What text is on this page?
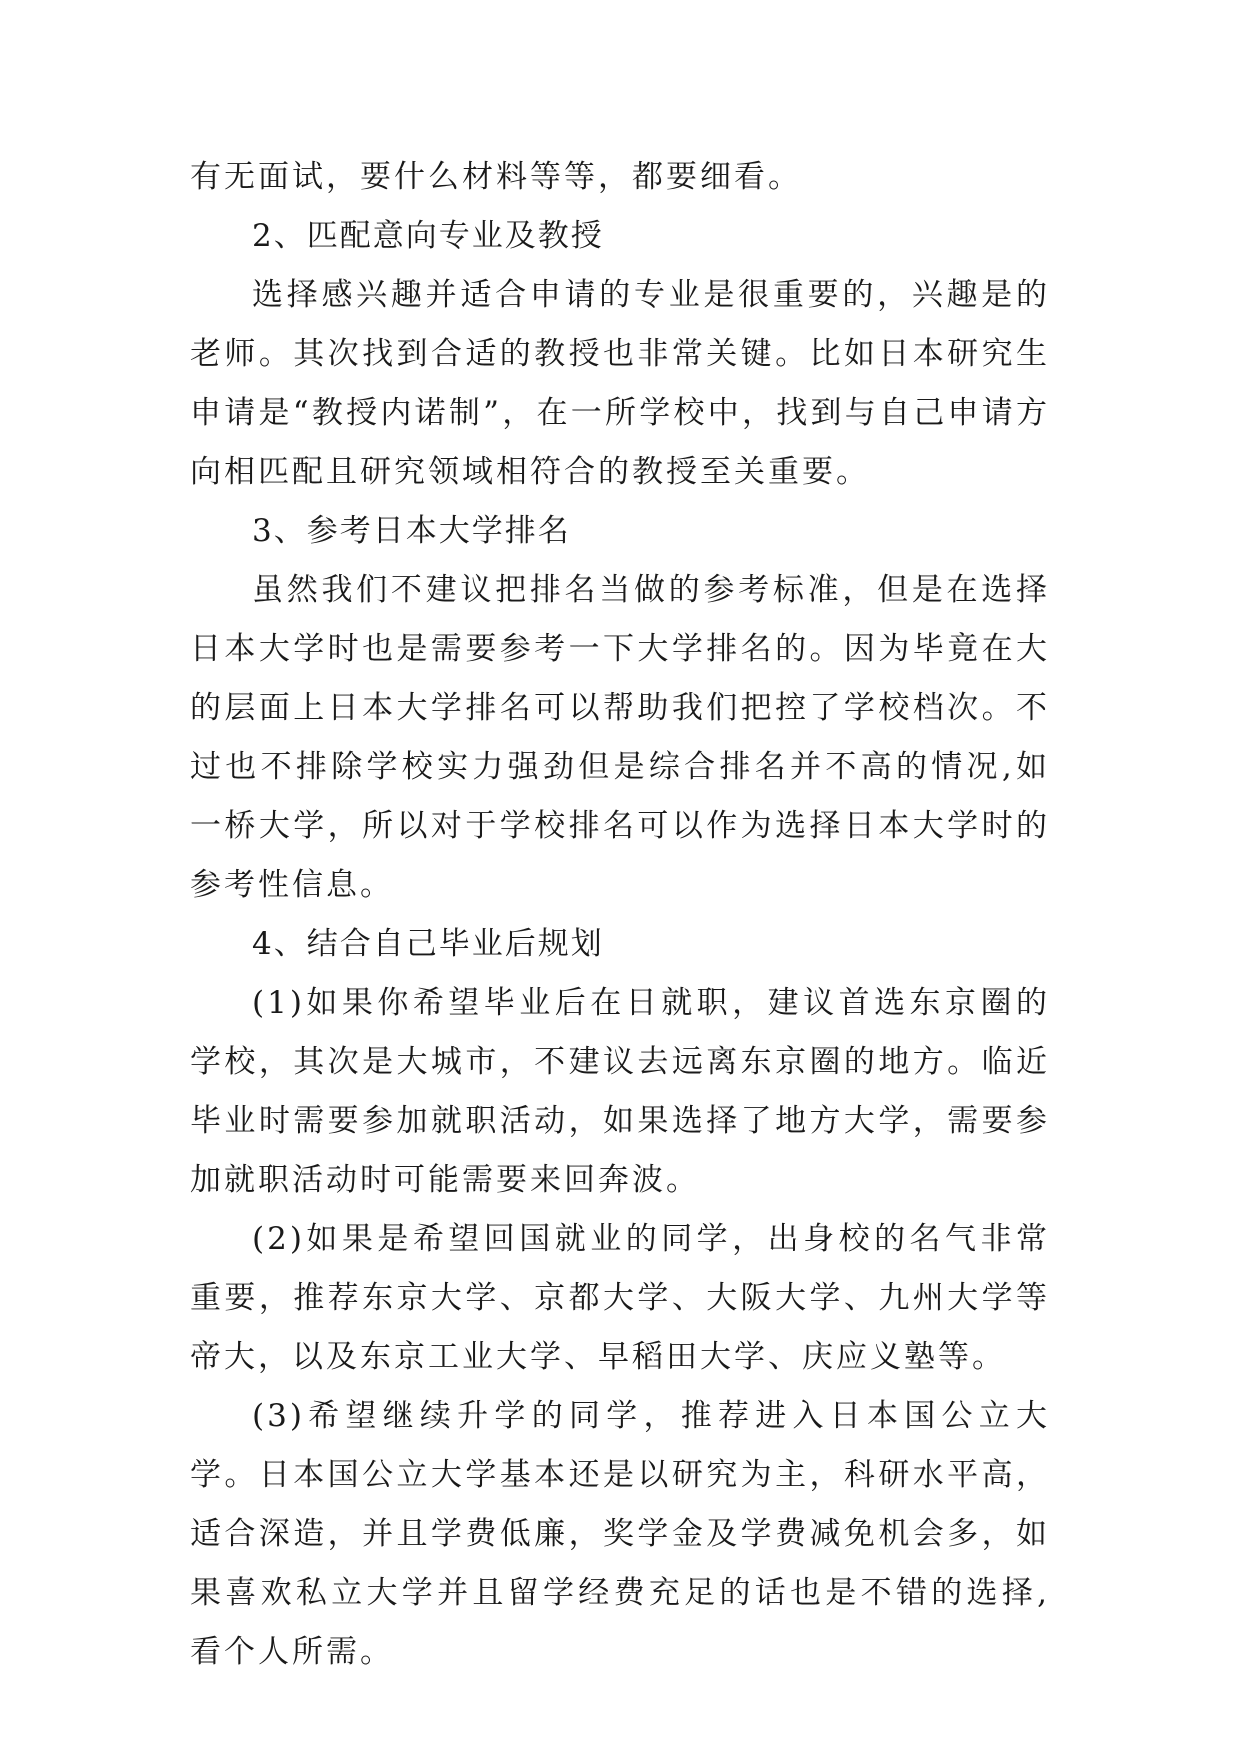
有无面试，要什么材料等等，都要细看。

2、匹配意向专业及教授

选择感兴趣并适合申请的专业是很重要的，兴趣是的老师。其次找到合适的教授也非常关键。比如日本研究生申请是“教授内诺制”，在一所学校中，找到与自己申请方向相匹配且研究领域相符合的教授至关重要。

3、参考日本大学排名

虽然我们不建议把排名当做的参考标准，但是在选择日本大学时也是需要参考一下大学排名的。因为毕竟在大的层面上日本大学排名可以帮助我们把控了学校档次。不过也不排除学校实力强劲但是综合排名并不高的情况,如一桥大学，所以对于学校排名可以作为选择日本大学时的参考性信息。

4、结合自己毕业后规划

(1)如果你希望毕业后在日就职，建议首选东京圈的学校，其次是大城市，不建议去远离东京圈的地方。临近毕业时需要参加就职活动，如果选择了地方大学，需要参加就职活动时可能需要来回奔波。

(2)如果是希望回国就业的同学，出身校的名气非常重要，推荐东京大学、京都大学、大阪大学、九州大学等帝大，以及东京工业大学、早稻田大学、庆应义塾等。

(3)希望继续升学的同学，推荐进入日本国公立大学。日本国公立大学基本还是以研究为主，科研水平高，适合深造，并且学费低廉，奖学金及学费减免机会多，如果喜欢私立大学并且留学经费充足的话也是不错的选择,看个人所需。
